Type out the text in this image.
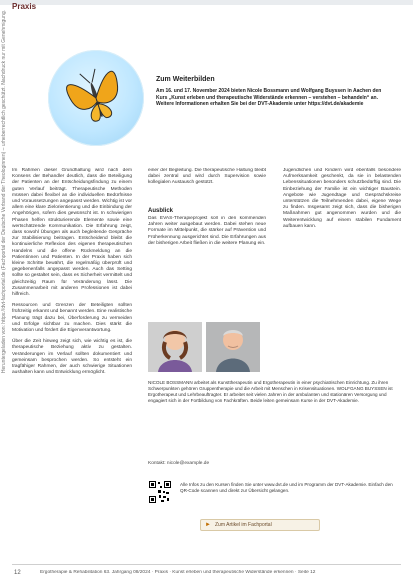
Praxis
Heruntergeladen von: https://dvt-fachportal.de (Fachportal der Deutsche Verband der Theologinnen) – urheberrechtlich geschützt. Nachdruck nur mit Genehmigung.	Zum Weiterbilden
Am 16. und 17. November 2024 bieten Nicole Bossmann und Wolfgang Buyssen in Aachen den Kurs „Kunst erleben und therapeutische Widerstände erkennen – verstehen – behandeln“ an. Weitere Informationen erhalten Sie bei der DVT-Akademie unter https://dvt.de/akademie

Im Rahmen dieser Grundhaltung wird nach dem Konsens der Behandler deutlich, dass die Beteiligung der Patienten an der Entscheidungsfindung zu einem guten Verlauf beiträgt. Therapeutische Methoden müssen dabei flexibel an die individuellen Bedürfnisse und Voraussetzungen angepasst werden. Wichtig ist vor allem eine klare Zielorientierung und die Einbindung der Angehörigen, sofern dies gewünscht ist. In schwierigen Phasen helfen strukturierende Elemente sowie eine wertschätzende Kommunikation. Die Erfahrung zeigt, dass sowohl Übungen als auch begleitende Gespräche zur Stabilisierung beitragen. Entscheidend bleibt die kontinuierliche Reflexion des eigenen therapeutischen Handelns und die offene Rückmeldung an die Patientinnen und Patienten. In der Praxis haben sich kleine Schritte bewährt, die regelmäßig überprüft und gegebenenfalls angepasst werden. Auch das Setting sollte so gestaltet sein, dass es Sicherheit vermittelt und gleichzeitig Raum für Veränderung lässt. Die Zusammenarbeit mit anderen Professionen ist dabei hilfreich.

Ressourcen und Grenzen der Beteiligten sollten frühzeitig erkannt und benannt werden. Eine realistische Planung trägt dazu bei, Überforderung zu vermeiden und Erfolge sichtbar zu machen. Dies stärkt die Motivation und fördert die Eigenverantwortung.

Über die Zeit hinweg zeigt sich, wie wichtig es ist, die therapeutische Beziehung aktiv zu gestalten. Veränderungen im Verlauf sollten dokumentiert und gemeinsam besprochen werden. So entsteht ein tragfähiger Rahmen, der auch schwierige Situationen aushalten kann und Entwicklung ermöglicht.

einer der Begleitung. Die therapeutische Haltung bleibt dabei zentral und wird durch Supervision sowie kollegialen Austausch gestützt.

Ausblick

Das EVAS-Therapieprojekt soll in den kommenden Jahren weiter ausgebaut werden. Dabei stehen neue Formate im Mittelpunkt, die stärker auf Prävention und Früherkennung ausgerichtet sind. Die Erfahrungen aus der bisherigen Arbeit fließen in die weitere Planung ein.

Jugendlichen und Kindern wird ebenfalls besondere Aufmerksamkeit geschenkt, da sie in belastenden Lebenssituationen besonders schutzbedürftig sind. Die Einbeziehung der Familie ist ein wichtiger Baustein. Angebote wie Jugendtage und Gesprächskreise unterstützen die Teilnehmenden dabei, eigene Wege zu finden. Insgesamt zeigt sich, dass die bisherigen Maßnahmen gut angenommen wurden und die Weiterentwicklung auf einem stabilen Fundament aufbauen kann.

NICOLE BOSSMANN arbeitet als Kunsttherapeutin und Ergotherapeutin in einer psychiatrischen Einrichtung. Zu ihren Schwerpunkten gehören Gruppentherapie und die Arbeit mit Menschen in Krisensituationen. WOLFGANG BUYSSEN ist Ergotherapeut und Lehrbeauftragter. Er arbeitet seit vielen Jahren in der ambulanten und stationären Versorgung und engagiert sich in der Fortbildung von Fachkräften. Beide leiten gemeinsam Kurse in der DVT-Akademie.
Kontakt: nicole@example.de
Alle Infos zu den Kursen finden Sie unter www.dvt.de und im Programm der DVT-Akademie. Einfach den QR-Code scannen und direkt zur Übersicht gelangen.
► Zum Artikel im Fachportal
12	Ergotherapie & Rehabilitation 63. Jahrgang 08/2024 · Praxis · Kunst erleben und therapeutische Widerstände erkennen · Seite 12
